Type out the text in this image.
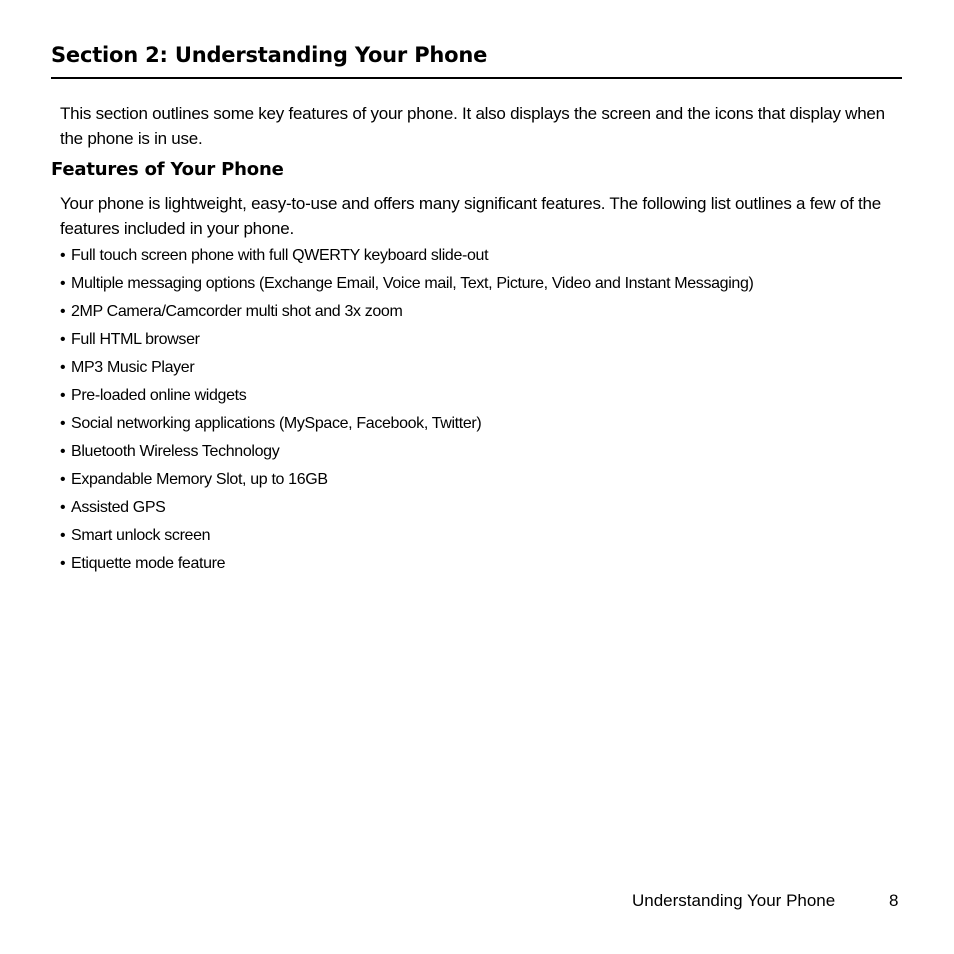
Section 2: Understanding Your Phone

This section outlines some key features of your phone. It also displays the screen and the icons that display when the phone is in use.

Features of Your Phone

Your phone is lightweight, easy-to-use and offers many significant features. The following list outlines a few of the features included in your phone.

• Full touch screen phone with full QWERTY keyboard slide-out
• Multiple messaging options (Exchange Email, Voice mail, Text, Picture, Video and Instant Messaging)
• 2MP Camera/Camcorder multi shot and 3x zoom
• Full HTML browser
• MP3 Music Player
• Pre-loaded online widgets
• Social networking applications (MySpace, Facebook, Twitter)
• Bluetooth Wireless Technology
• Expandable Memory Slot, up to 16GB
• Assisted GPS
• Smart unlock screen
• Etiquette mode feature
Understanding Your Phone	8
